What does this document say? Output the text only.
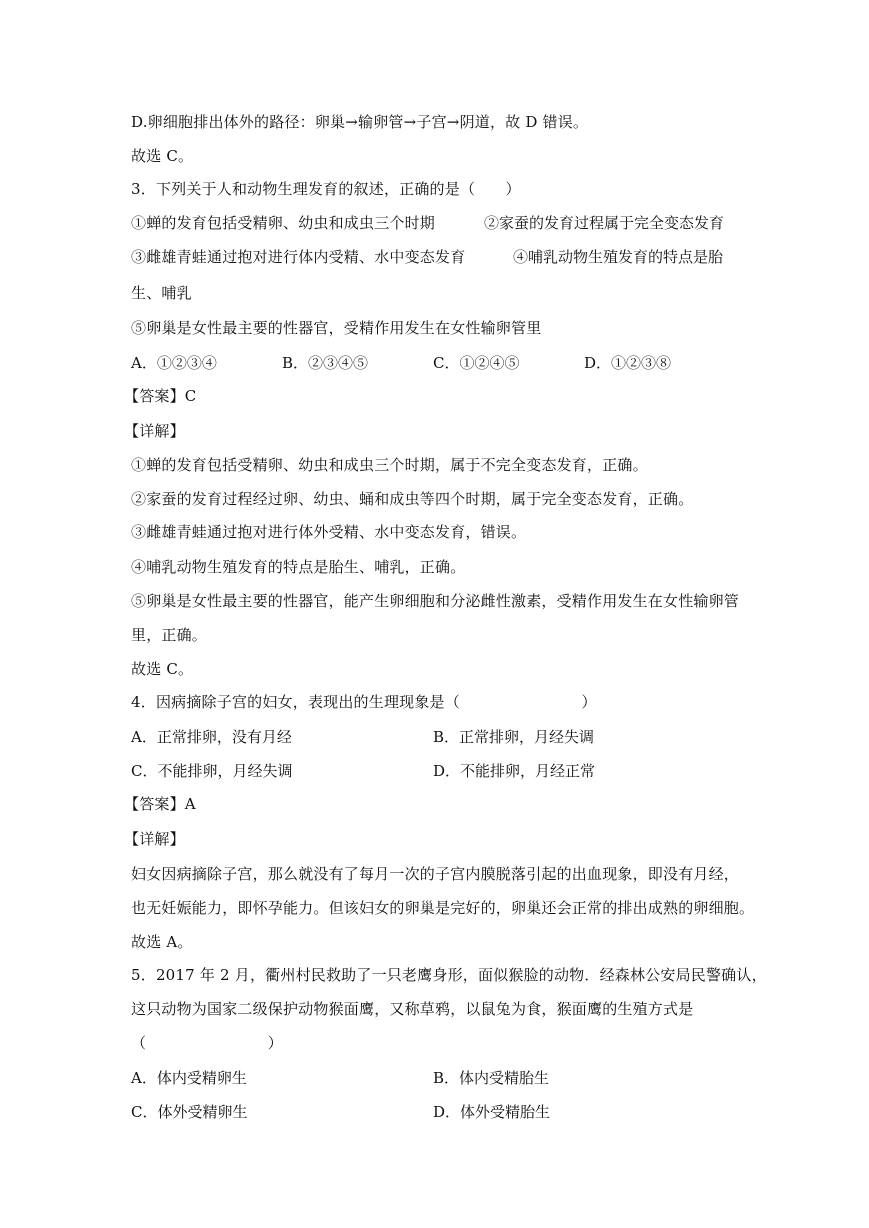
D.卵细胞排出体外的路径：卵巢→输卵管→子宫→阴道，故 D 错误。
故选 C。
3．下列关于人和动物生理发育的叙述，正确的是（　　）
①蝉的发育包括受精卵、幼虫和成虫三个时期	②家蚕的发育过程属于完全变态发育
③雌雄青蛙通过抱对进行体内受精、水中变态发育	④哺乳动物生殖发育的特点是胎
生、哺乳
⑤卵巢是女性最主要的性器官，受精作用发生在女性输卵管里
A．①②③④	B．②③④⑤	C．①②④⑤	D．①②③⑧
【答案】C
【详解】
①蝉的发育包括受精卵、幼虫和成虫三个时期，属于不完全变态发育，正确。
②家蚕的发育过程经过卵、幼虫、蛹和成虫等四个时期，属于完全变态发育，正确。
③雌雄青蛙通过抱对进行体外受精、水中变态发育，错误。
④哺乳动物生殖发育的特点是胎生、哺乳，正确。
⑤卵巢是女性最主要的性器官，能产生卵细胞和分泌雌性激素，受精作用发生在女性输卵管
里，正确。
故选 C。
4．因病摘除子宫的妇女，表现出的生理现象是（　　　　　　　　）
A．正常排卵，没有月经	B．正常排卵，月经失调
C．不能排卵，月经失调	D．不能排卵，月经正常
【答案】A
【详解】
妇女因病摘除子宫，那么就没有了每月一次的子宫内膜脱落引起的出血现象，即没有月经，
也无妊娠能力，即怀孕能力。但该妇女的卵巢是完好的，卵巢还会正常的排出成熟的卵细胞。
故选 A。
5．2017 年 2 月，衢州村民救助了一只老鹰身形，面似猴脸的动物．经森林公安局民警确认，
这只动物为国家二级保护动物猴面鹰，又称草鸦，以鼠兔为食，猴面鹰的生殖方式是
（　　　　　　　　）
A．体内受精卵生	B．体内受精胎生
C．体外受精卵生	D．体外受精胎生
